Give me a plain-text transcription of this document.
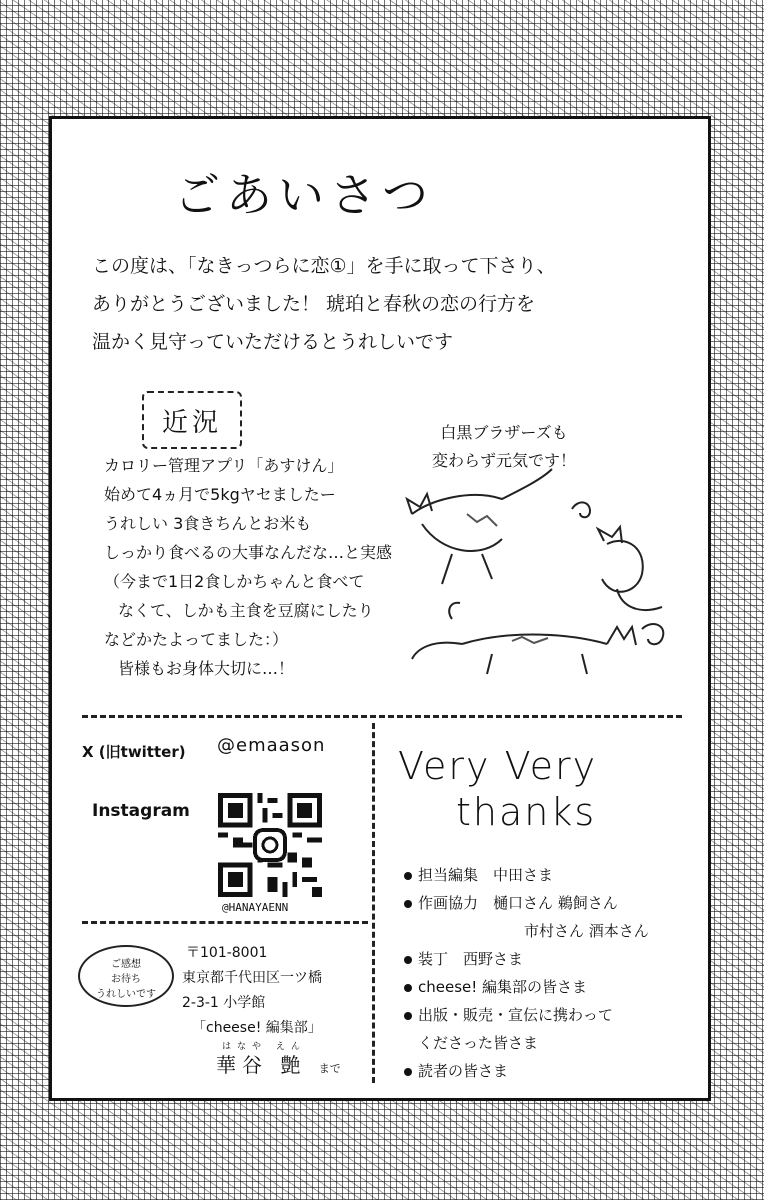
ごあいさつ
この度は、「なきっつらに恋①」を手に取って下さり、
ありがとうございました！ 琥珀と春秋の恋の行方を
温かく見守っていただけるとうれしいです
近況
カロリー管理アプリ「あすけん」
始めて4ヵ月で5kgヤセましたー
うれしい 3食きちんとお米も
しっかり食べるの大事なんだな…と実感
（今まで1日2食しかちゃんと食べて
なくて、しかも主食を豆腐にしたり
などかたよってました：）
皆様もお身体大切に…！
白黒ブラザーズも
変わらず元気です！
X (旧twitter) @emaason
Instagram
@HANAYAENN
ご感想
お待ち
うれしいです
〒101-8001
東京都千代田区一ツ橋
2-3-1 小学館
「cheese! 編集部」
はなや えん
華谷 艶 まで
Very Very
thanks
担当編集　中田さま
作画協力　樋口さん 鵜飼さん
市村さん 酒本さん
装丁　西野さま
cheese! 編集部の皆さま
出版・販売・宣伝に携わって
くださった皆さま
読者の皆さま
